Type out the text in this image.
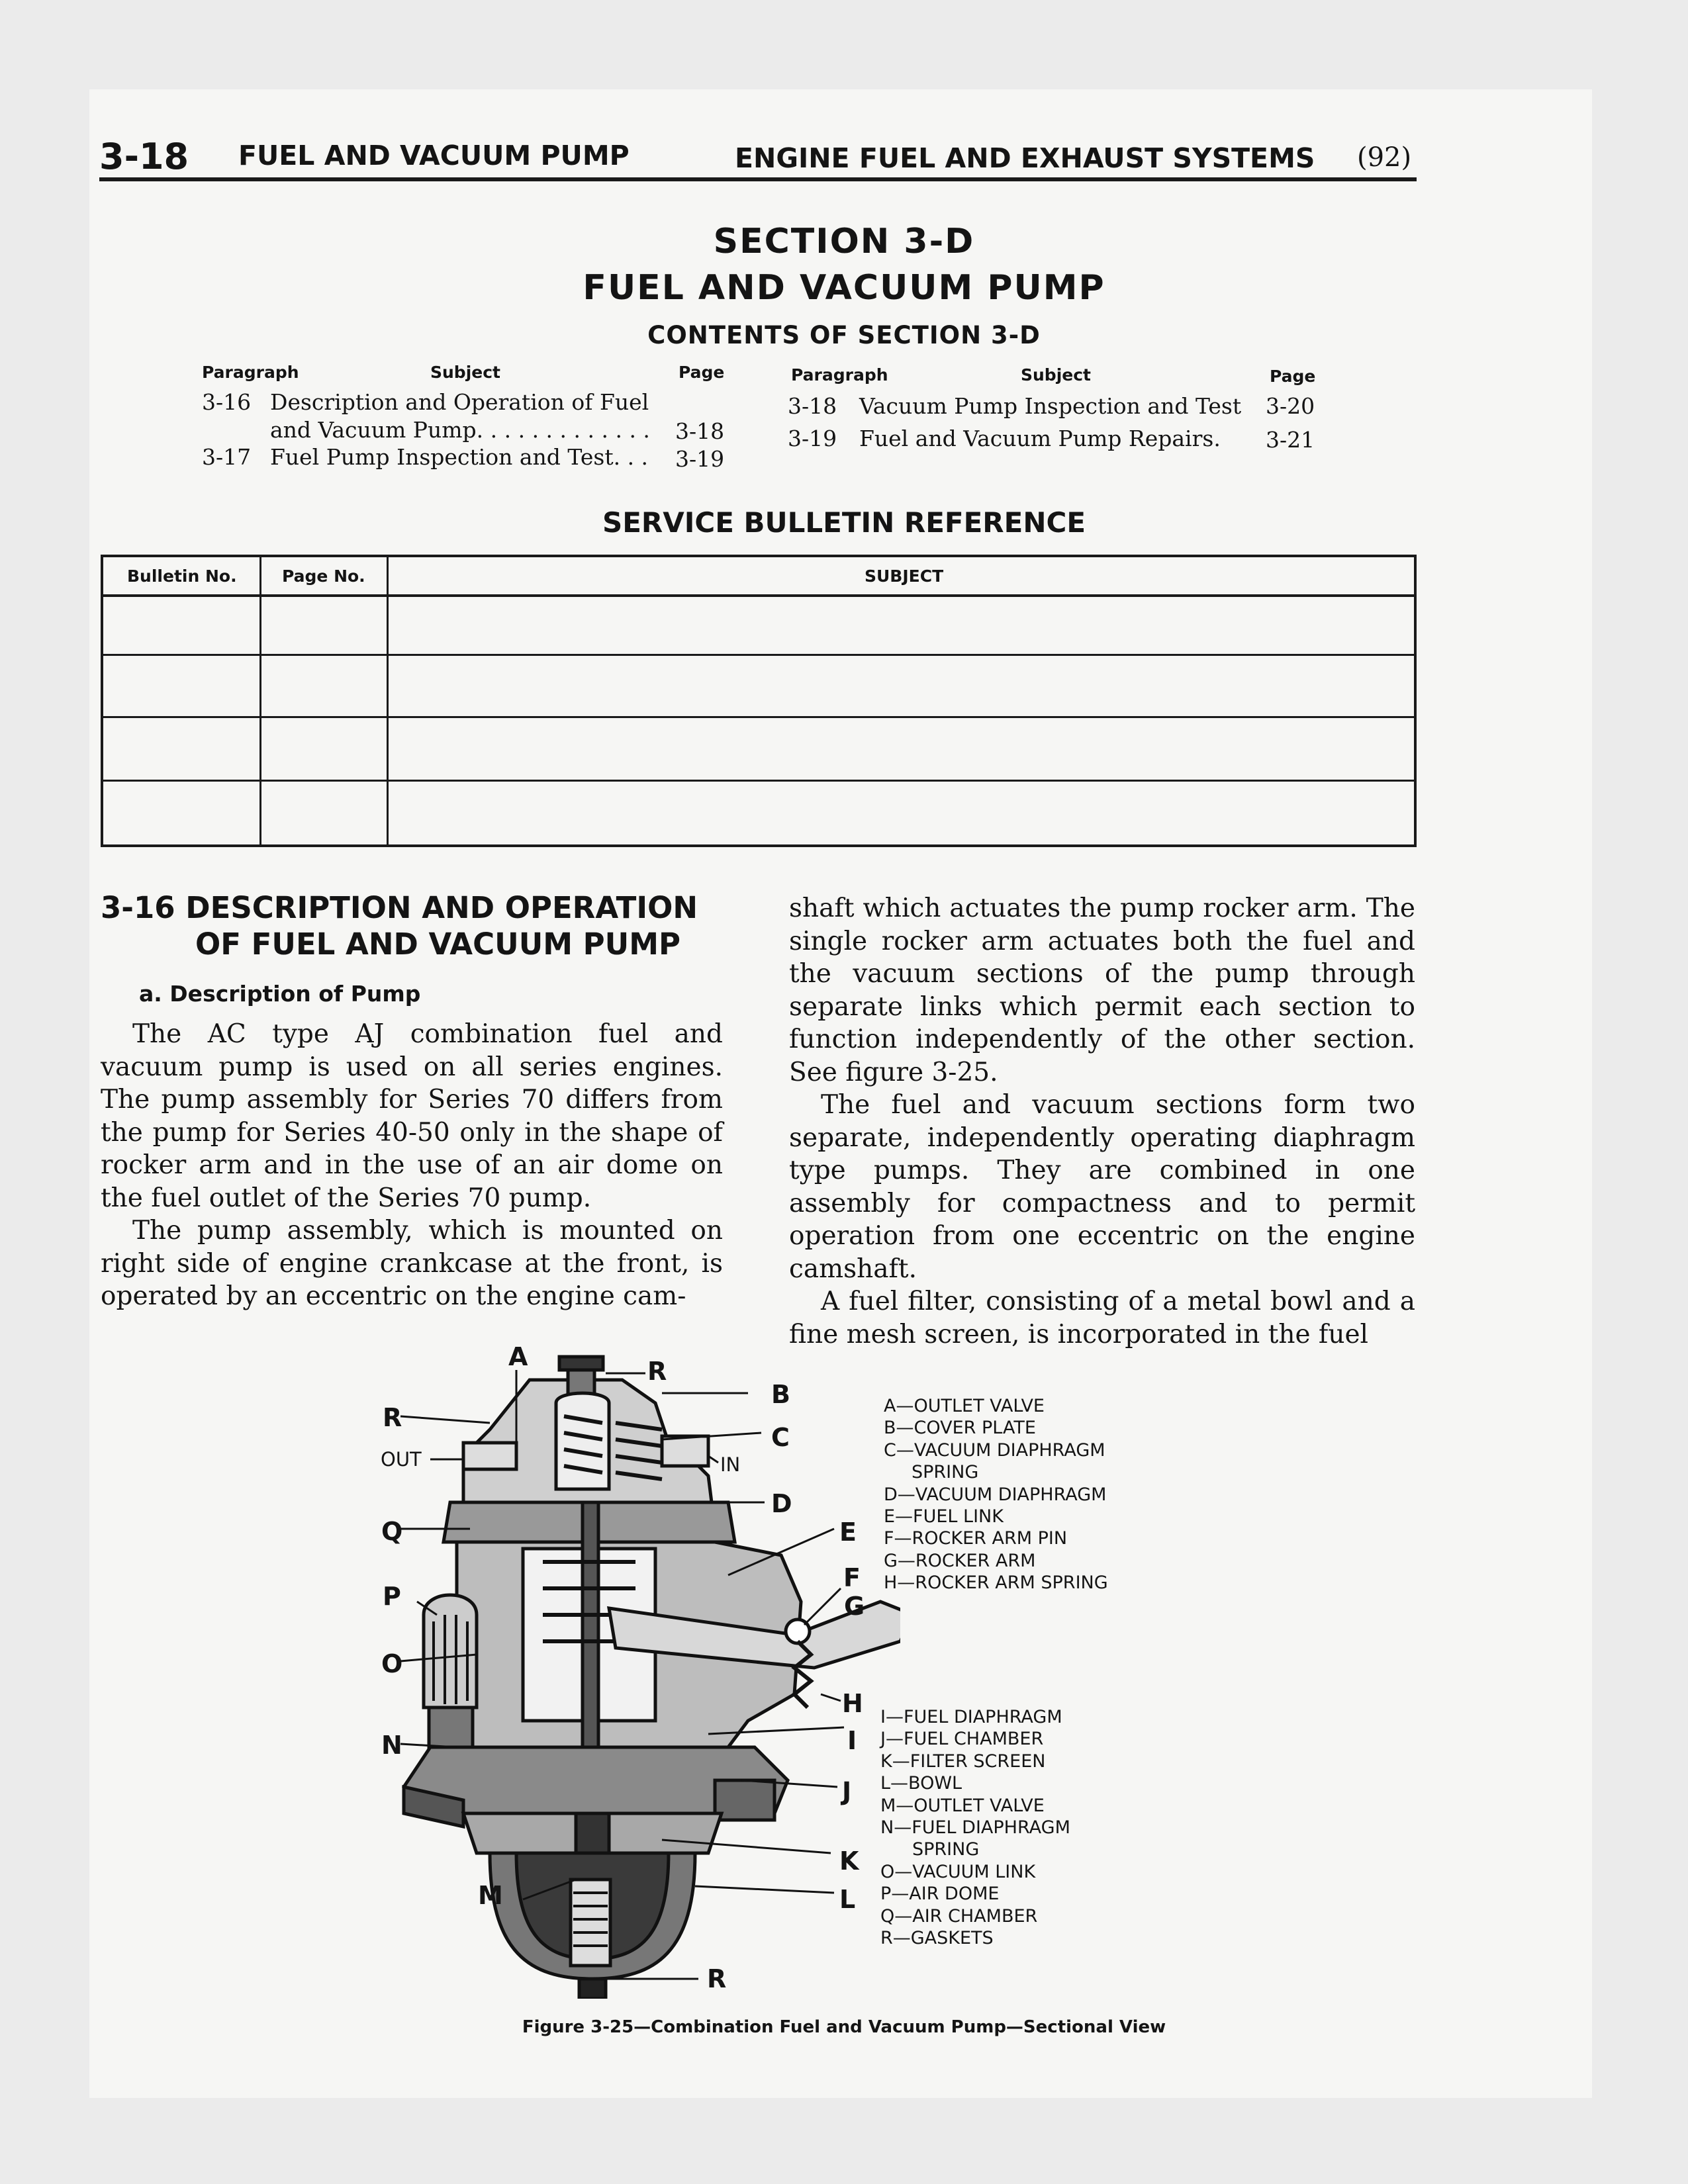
3-18 FUEL AND VACUUM PUMP	ENGINE FUEL AND EXHAUST SYSTEMS (92)
SECTION 3-D
FUEL AND VACUUM PUMP
CONTENTS OF SECTION 3-D
Paragraph	Subject	Page
3-16 Description and Operation of Fuel
and Vacuum Pump. . . . . . . . . . . . . 3-18
3-17 Fuel Pump Inspection and Test. . . 3-19
Paragraph	Subject	Page
3-18 Vacuum Pump Inspection and Test 3-20
3-19 Fuel and Vacuum Pump Repairs. 3-21
SERVICE BULLETIN REFERENCE
Bulletin No.	Page No.	SUBJECT
3-16 DESCRIPTION AND OPERATION
OF FUEL AND VACUUM PUMP
a. Description of Pump

The AC type AJ combination fuel and vacuum pump is used on all series engines. The pump assembly for Series 70 differs from the pump for Series 40-50 only in the shape of rocker arm and in the use of an air dome on the fuel outlet of the Series 70 pump.

The pump assembly, which is mounted on right side of engine crankcase at the front, is operated by an eccentric on the engine cam-

shaft which actuates the pump rocker arm. The single rocker arm actuates both the fuel and the vacuum sections of the pump through separate links which permit each section to function independently of the other section. See figure 3-25.

The fuel and vacuum sections form two separate, independently operating diaphragm type pumps. They are combined in one assembly for compactness and to permit operation from one eccentric on the engine camshaft.

A fuel filter, consisting of a metal bowl and a fine mesh screen, is incorporated in the fuel

A	R
B
R
C
OUT	IN
D
Q	E
F
P	G
O
H
N	I
J
K
M	L
R
A—OUTLET VALVE
B—COVER PLATE
C—VACUUM DIAPHRAGM
SPRING
D—VACUUM DIAPHRAGM
E—FUEL LINK
F—ROCKER ARM PIN
G—ROCKER ARM
H—ROCKER ARM SPRING
I—FUEL DIAPHRAGM
J—FUEL CHAMBER
K—FILTER SCREEN
L—BOWL
M—OUTLET VALVE
N—FUEL DIAPHRAGM
SPRING
O—VACUUM LINK
P—AIR DOME
Q—AIR CHAMBER
R—GASKETS
Figure 3-25—Combination Fuel and Vacuum Pump—Sectional View
